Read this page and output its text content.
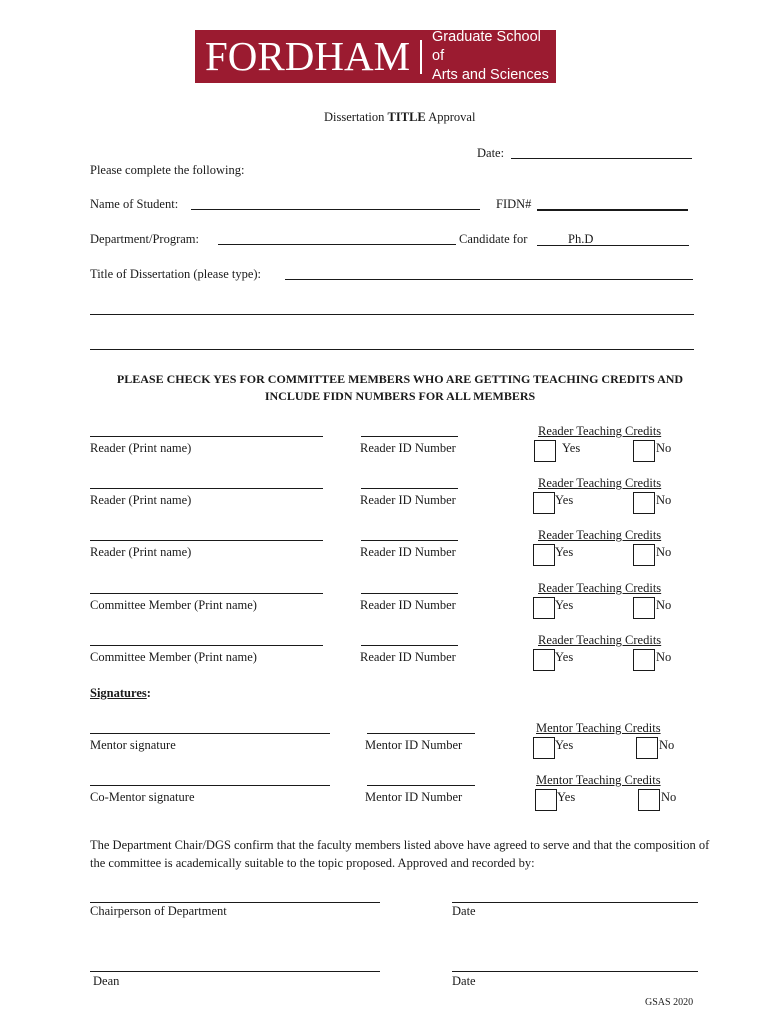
FORDHAM	Graduate School of
Arts and Sciences
Dissertation TITLE Approval
Date:
Please complete the following:
Name of Student:	FIDN#
Department/Program:	Candidate for	Ph.D
Title of Dissertation (please type):
PLEASE CHECK YES FOR COMMITTEE MEMBERS WHO ARE GETTING TEACHING CREDITS AND
INCLUDE FIDN NUMBERS FOR ALL MEMBERS
Reader (Print name)	Reader ID Number
Reader Teaching Credits
Yes	No
Reader (Print name)	Reader ID Number
Reader Teaching Credits
Yes	No
Reader (Print name)	Reader ID Number
Reader Teaching Credits
Yes	No
Committee Member (Print name)	Reader ID Number
Reader Teaching Credits
Yes	No
Committee Member (Print name)	Reader ID Number
Reader Teaching Credits
Yes	No
Signatures:
Mentor signature	Mentor ID Number
Mentor Teaching Credits
Yes	No
Co-Mentor signature	Mentor ID Number
Mentor Teaching Credits
Yes	No
The Department Chair/DGS confirm that the faculty members listed above have agreed to serve and that the composition of the committee is academically suitable to the topic proposed. Approved and recorded by:
Chairperson of Department	Date
Dean	Date
GSAS 2020
